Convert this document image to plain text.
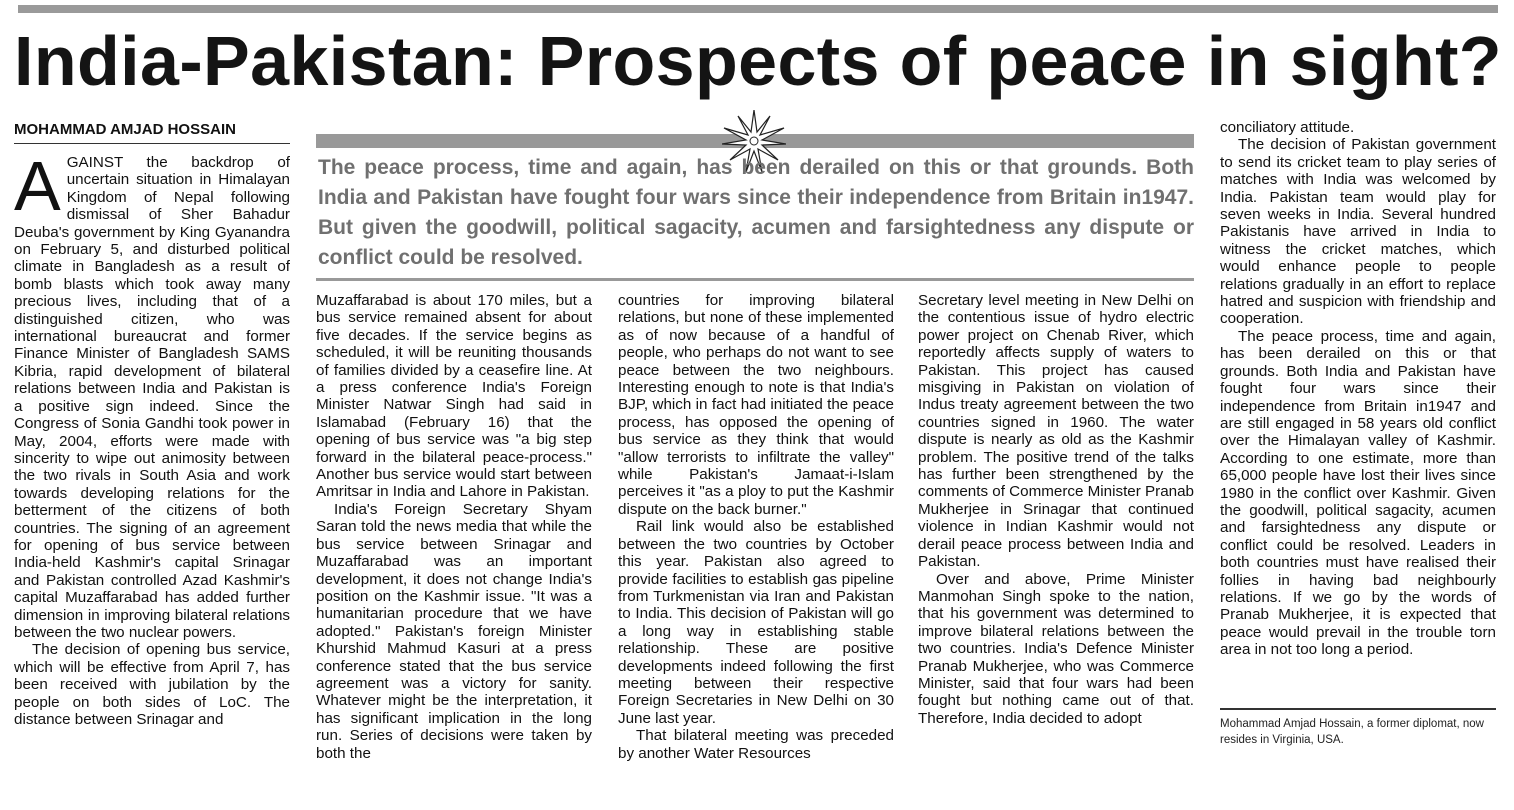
India-Pakistan: Prospects of peace in sight?
MOHAMMAD AMJAD HOSSAIN

AGAINST the backdrop of uncertain situation in Himalayan Kingdom of Nepal following dismissal of Sher Bahadur Deuba's government by King Gyanandra on February 5, and disturbed political climate in Bangladesh as a result of bomb blasts which took away many precious lives, including that of a distinguished citizen, who was international bureaucrat and former Finance Minister of Bangladesh SAMS Kibria, rapid development of bilateral relations between India and Pakistan is a positive sign indeed. Since the Congress of Sonia Gandhi took power in May, 2004, efforts were made with sincerity to wipe out animosity between the two rivals in South Asia and work towards developing relations for the betterment of the citizens of both countries. The signing of an agreement for opening of bus service between India-held Kashmir's capital Srinagar and Pakistan controlled Azad Kashmir's capital Muzaffarabad has added further dimension in improving bilateral relations between the two nuclear powers.

The decision of opening bus service, which will be effective from April 7, has been received with jubilation by the people on both sides of LoC. The distance between Srinagar and

The peace process, time and again, has been derailed on this or that grounds. Both India and Pakistan have fought four wars since their independence from Britain in1947. But given the goodwill, political sagacity, acumen and farsightedness any dispute or conflict could be resolved.

Muzaffarabad is about 170 miles, but a bus service remained absent for about five decades. If the service begins as scheduled, it will be reuniting thousands of families divided by a ceasefire line. At a press conference India's Foreign Minister Natwar Singh had said in Islamabad (February 16) that the opening of bus service was "a big step forward in the bilateral peace-process." Another bus service would start between Amritsar in India and Lahore in Pakistan.

India's Foreign Secretary Shyam Saran told the news media that while the bus service between Srinagar and Muzaffarabad was an important development, it does not change India's position on the Kashmir issue. "It was a humanitarian procedure that we have adopted." Pakistan's foreign Minister Khurshid Mahmud Kasuri at a press conference stated that the bus service agreement was a victory for sanity. Whatever might be the interpretation, it has significant implication in the long run. Series of decisions were taken by both the

countries for improving bilateral relations, but none of these implemented as of now because of a handful of people, who perhaps do not want to see peace between the two neighbours. Interesting enough to note is that India's BJP, which in fact had initiated the peace process, has opposed the opening of bus service as they think that would "allow terrorists to infiltrate the valley" while Pakistan's Jamaat-i-Islam perceives it "as a ploy to put the Kashmir dispute on the back burner."

Rail link would also be established between the two countries by October this year. Pakistan also agreed to provide facilities to establish gas pipeline from Turkmenistan via Iran and Pakistan to India. This decision of Pakistan will go a long way in establishing stable relationship. These are positive developments indeed following the first meeting between their respective Foreign Secretaries in New Delhi on 30 June last year.

That bilateral meeting was preceded by another Water Resources

Secretary level meeting in New Delhi on the contentious issue of hydro electric power project on Chenab River, which reportedly affects supply of waters to Pakistan. This project has caused misgiving in Pakistan on violation of Indus treaty agreement between the two countries signed in 1960. The water dispute is nearly as old as the Kashmir problem. The positive trend of the talks has further been strengthened by the comments of Commerce Minister Pranab Mukherjee in Srinagar that continued violence in Indian Kashmir would not derail peace process between India and Pakistan.

Over and above, Prime Minister Manmohan Singh spoke to the nation, that his government was determined to improve bilateral relations between the two countries. India's Defence Minister Pranab Mukherjee, who was Commerce Minister, said that four wars had been fought but nothing came out of that. Therefore, India decided to adopt

conciliatory attitude.

The decision of Pakistan government to send its cricket team to play series of matches with India was welcomed by India. Pakistan team would play for seven weeks in India. Several hundred Pakistanis have arrived in India to witness the cricket matches, which would enhance people to people relations gradually in an effort to replace hatred and suspicion with friendship and cooperation.

The peace process, time and again, has been derailed on this or that grounds. Both India and Pakistan have fought four wars since their independence from Britain in1947 and are still engaged in 58 years old conflict over the Himalayan valley of Kashmir. According to one estimate, more than 65,000 people have lost their lives since 1980 in the conflict over Kashmir. Given the goodwill, political sagacity, acumen and farsightedness any dispute or conflict could be resolved. Leaders in both countries must have realised their follies in having bad neighbourly relations. If we go by the words of Pranab Mukherjee, it is expected that peace would prevail in the trouble torn area in not too long a period.

Mohammad Amjad Hossain, a former diplomat, now resides in Virginia, USA.
